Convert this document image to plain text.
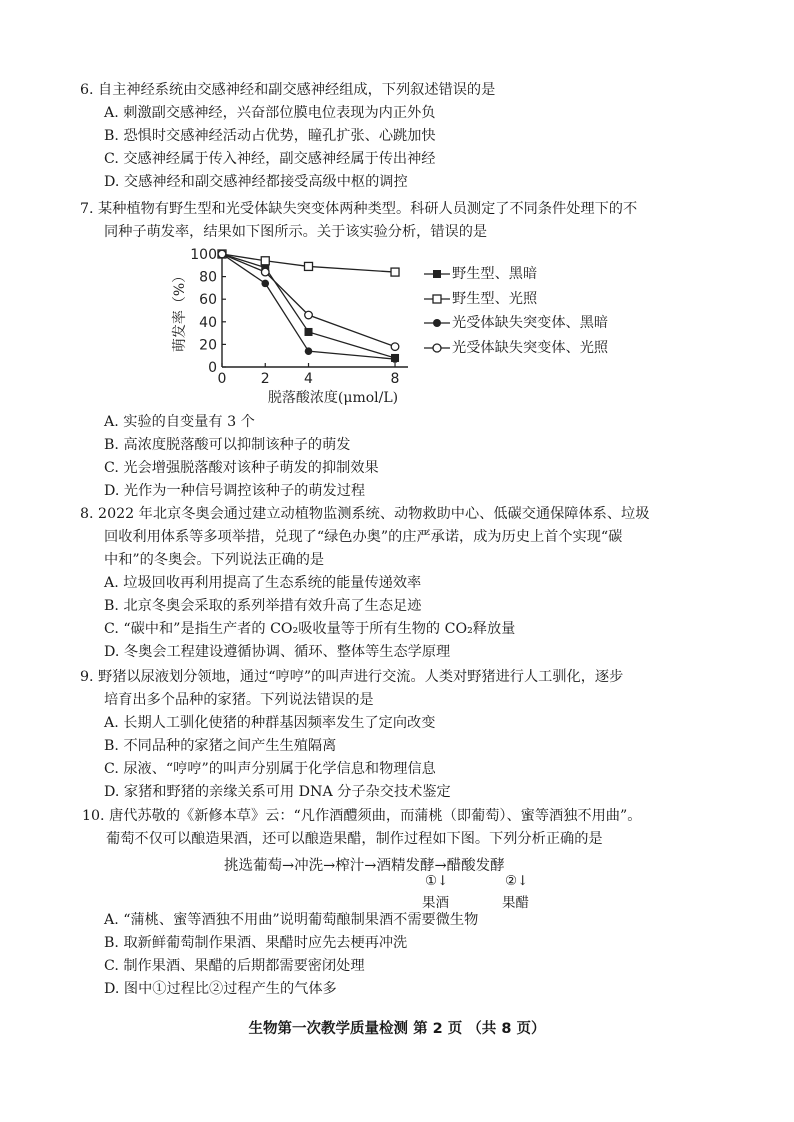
6. 自主神经系统由交感神经和副交感神经组成，下列叙述错误的是
A. 刺激副交感神经，兴奋部位膜电位表现为内正外负
B. 恐惧时交感神经活动占优势，瞳孔扩张、心跳加快
C. 交感神经属于传入神经，副交感神经属于传出神经
D. 交感神经和副交感神经都接受高级中枢的调控
7. 某种植物有野生型和光受体缺失突变体两种类型。科研人员测定了不同条件处理下的不
同种子萌发率，结果如下图所示。关于该实验分析，错误的是
0
20
40
60
80
100
0 2 4	8
脱落酸浓度(μmol/L)
萌发率（%）	野生型、黑暗
野生型、光照
光受体缺失突变体、黑暗
光受体缺失突变体、光照
A. 实验的自变量有 3 个
B. 高浓度脱落酸可以抑制该种子的萌发
C. 光会增强脱落酸对该种子萌发的抑制效果
D. 光作为一种信号调控该种子的萌发过程
8. 2022 年北京冬奥会通过建立动植物监测系统、动物救助中心、低碳交通保障体系、垃圾
回收利用体系等多项举措，兑现了“绿色办奥”的庄严承诺，成为历史上首个实现“碳
中和”的冬奥会。下列说法正确的是
A. 垃圾回收再利用提高了生态系统的能量传递效率
B. 北京冬奥会采取的系列举措有效升高了生态足迹
C. “碳中和”是指生产者的 CO₂吸收量等于所有生物的 CO₂释放量
D. 冬奥会工程建设遵循协调、循环、整体等生态学原理
9. 野猪以尿液划分领地，通过“哼哼”的叫声进行交流。人类对野猪进行人工驯化，逐步
培育出多个品种的家猪。下列说法错误的是
A. 长期人工驯化使猪的种群基因频率发生了定向改变
B. 不同品种的家猪之间产生生殖隔离
C. 尿液、“哼哼”的叫声分别属于化学信息和物理信息
D. 家猪和野猪的亲缘关系可用 DNA 分子杂交技术鉴定
10. 唐代苏敬的《新修本草》云：“凡作酒醴须曲，而蒲桃（即葡萄）、蜜等酒独不用曲”。
葡萄不仅可以酿造果酒，还可以酿造果醋，制作过程如下图。下列分析正确的是
挑选葡萄→冲洗→榨汁→酒精发酵→醋酸发酵
①↓	②↓
果酒	果醋
A. “蒲桃、蜜等酒独不用曲”说明葡萄酿制果酒不需要微生物
B. 取新鲜葡萄制作果酒、果醋时应先去梗再冲洗
C. 制作果酒、果醋的后期都需要密闭处理
D. 图中①过程比②过程产生的气体多
生物第一次教学质量检测 第 2 页 （共 8 页）
